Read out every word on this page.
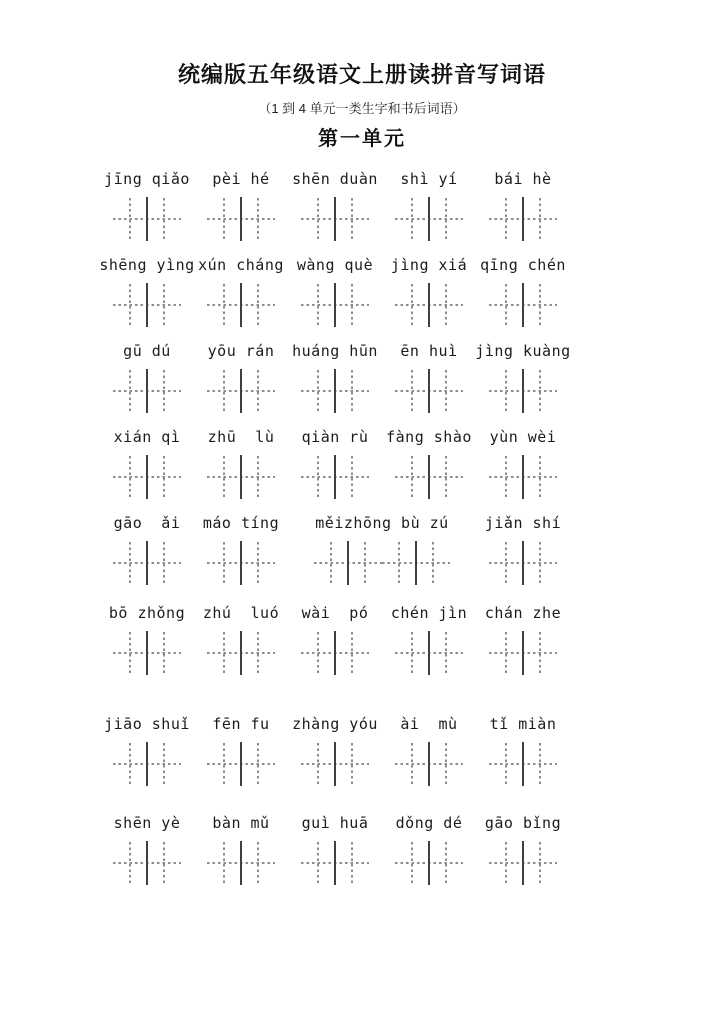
统编版五年级语文上册读拼音写词语
（1 到 4 单元一类生字和书后词语）
第一单元
jīng qiǎo pèi hé shēn duàn shì yí bái hè
shēng yìng xún cháng wàng què jìng xiá qīng chén
gū dú yōu rán huáng hūn ēn huì jìng kuàng
xián qì zhū  lù qiàn rù fàng shào yùn wèi
gāo  ǎi máo tíng měizhōng bù zú jiǎn shí
bō zhǒng zhú  luó wài  pó chén jìn chán zhe
jiāo shuǐ fēn fu zhàng yóu ài  mù tǐ miàn
shēn yè bàn mǔ guì huā dǒng dé gāo bǐng
